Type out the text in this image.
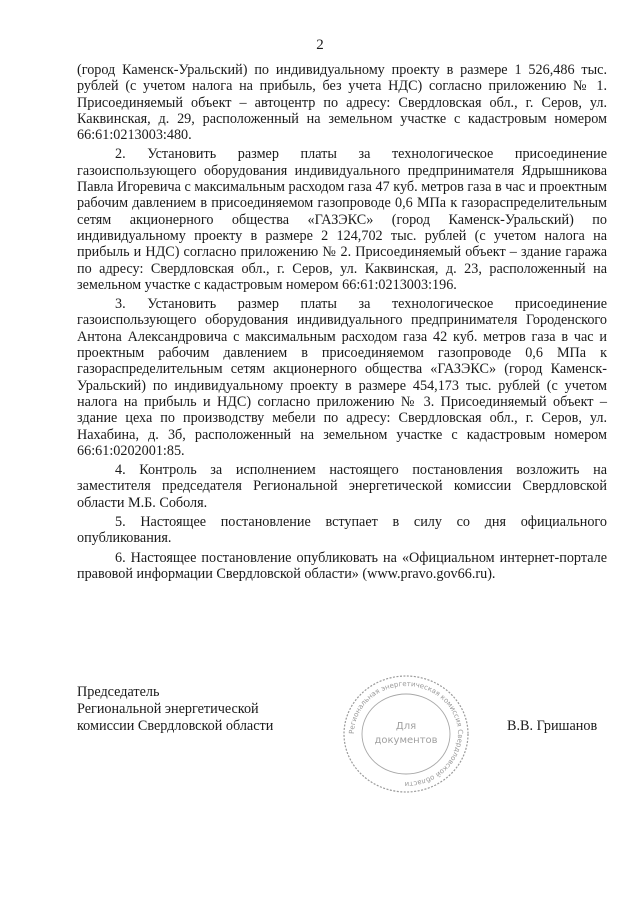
2

(город Каменск-Уральский) по индивидуальному проекту в размере 1 526,486 тыс. рублей (с учетом налога на прибыль, без учета НДС) согласно приложению № 1. Присоединяемый объект – автоцентр по адресу: Свердловская обл., г. Серов, ул. Каквинская, д. 29, расположенный на земельном участке с кадастровым номером 66:61:0213003:480.

2. Установить размер платы за технологическое присоединение газоиспользующего оборудования индивидуального предпринимателя Ядрышникова Павла Игоревича с максимальным расходом газа 47 куб. метров газа в час и проектным рабочим давлением в присоединяемом газопроводе 0,6 МПа к газораспределительным сетям акционерного общества «ГАЗЭКС» (город Каменск-Уральский) по индивидуальному проекту в размере 2 124,702 тыс. рублей (с учетом налога на прибыль и НДС) согласно приложению № 2. Присоединяемый объект – здание гаража по адресу: Свердловская обл., г. Серов, ул. Каквинская, д. 23, расположенный на земельном участке с кадастровым номером 66:61:0213003:196.

3. Установить размер платы за технологическое присоединение газоиспользующего оборудования индивидуального предпринимателя Городенского Антона Александровича с максимальным расходом газа 42 куб. метров газа в час и проектным рабочим давлением в присоединяемом газопроводе 0,6 МПа к газораспределительным сетям акционерного общества «ГАЗЭКС» (город Каменск-Уральский) по индивидуальному проекту в размере 454,173 тыс. рублей (с учетом налога на прибыль и НДС) согласно приложению № 3. Присоединяемый объект – здание цеха по производству мебели по адресу: Свердловская обл., г. Серов, ул. Нахабина, д. 3б, расположенный на земельном участке с кадастровым номером 66:61:0202001:85.

4. Контроль за исполнением настоящего постановления возложить на заместителя председателя Региональной энергетической комиссии Свердловской области М.Б. Соболя.

5. Настоящее постановление вступает в силу со дня официального опубликования.

6. Настоящее постановление опубликовать на «Официальном интернет-портале правовой информации Свердловской области» (www.pravo.gov66.ru).

Председатель
Региональной энергетической
комиссии Свердловской области	В.В. Гришанов
Региональная энергетическая комиссия Свердловской области
Для
документов
